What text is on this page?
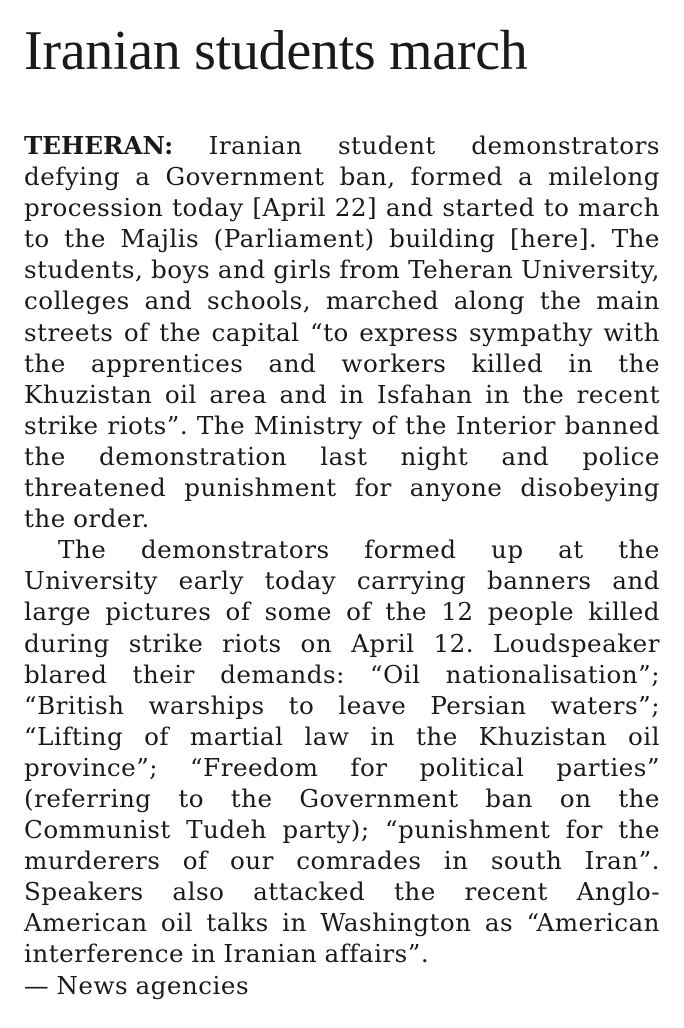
Iranian students march

TEHERAN: Iranian student demonstrators defying a Government ban, formed a milelong procession today [April 22] and started to march to the Majlis (Parliament) building [here]. The students, boys and girls from Teheran University, colleges and schools, marched along the main streets of the capital “to express sympathy with the apprentices and workers killed in the Khuzistan oil area and in Isfahan in the recent strike riots”. The Ministry of the Interior banned the demonstration last night and police threatened punishment for anyone disobeying the order.

The demonstrators formed up at the University early today carrying banners and large pictures of some of the 12 people killed during strike riots on April 12. Loudspeaker blared their demands: “Oil nationalisation”; “British warships to leave Persian waters”; “Lifting of martial law in the Khuzistan oil province”; “Freedom for political parties” (referring to the Government ban on the Communist Tudeh party); “punishment for the murderers of our comrades in south Iran”. Speakers also attacked the recent Anglo-American oil talks in Washington as “American interference in Iranian affairs”.

— News agencies
